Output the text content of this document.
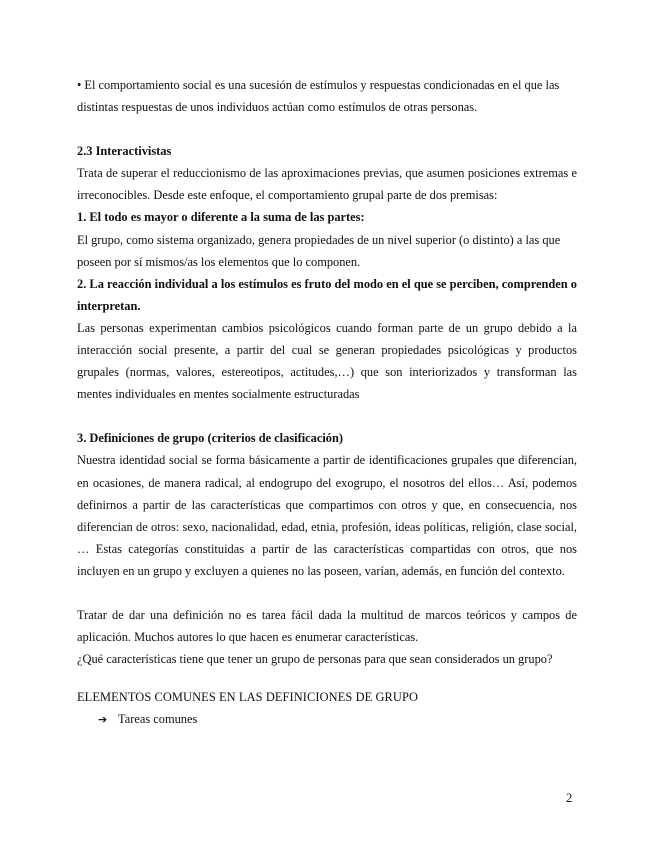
• El comportamiento social es una sucesión de estímulos y respuestas condicionadas en el que las distintas respuestas de unos individuos actúan como estímulos de otras personas.

2.3 Interactivistas

Trata de superar el reduccionismo de las aproximaciones previas, que asumen posiciones extremas e irreconocibles. Desde este enfoque, el comportamiento grupal parte de dos premisas:

1. El todo es mayor o diferente a la suma de las partes:

El grupo, como sistema organizado, genera propiedades de un nivel superior (o distinto) a las que poseen por sí mismos/as los elementos que lo componen.

2. La reacción individual a los estímulos es fruto del modo en el que se perciben, comprenden o interpretan.

Las personas experimentan cambios psicológicos cuando forman parte de un grupo debido a la interacción social presente, a partir del cual se generan propiedades psicológicas y productos grupales (normas, valores, estereotipos, actitudes,…) que son interiorizados y transforman las mentes individuales en mentes socialmente estructuradas

3. Definiciones de grupo (criterios de clasificación)

Nuestra identidad social se forma básicamente a partir de identificaciones grupales que diferencian, en ocasiones, de manera radical, al endogrupo del exogrupo, el nosotros del ellos… Así, podemos definirnos a partir de las características que compartimos con otros y que, en consecuencia, nos diferencian de otros: sexo, nacionalidad, edad, etnia, profesión, ideas políticas, religión, clase social, … Estas categorías constituidas a partir de las características compartidas con otros, que nos incluyen en un grupo y excluyen a quienes no las poseen, varían, además, en función del contexto.

Tratar de dar una definición no es tarea fácil dada la multitud de marcos teóricos y campos de aplicación. Muchos autores lo que hacen es enumerar características.

¿Qué características tiene que tener un grupo de personas para que sean considerados un grupo?

ELEMENTOS COMUNES EN LAS DEFINICIONES DE GRUPO

➔ Tareas comunes
2
